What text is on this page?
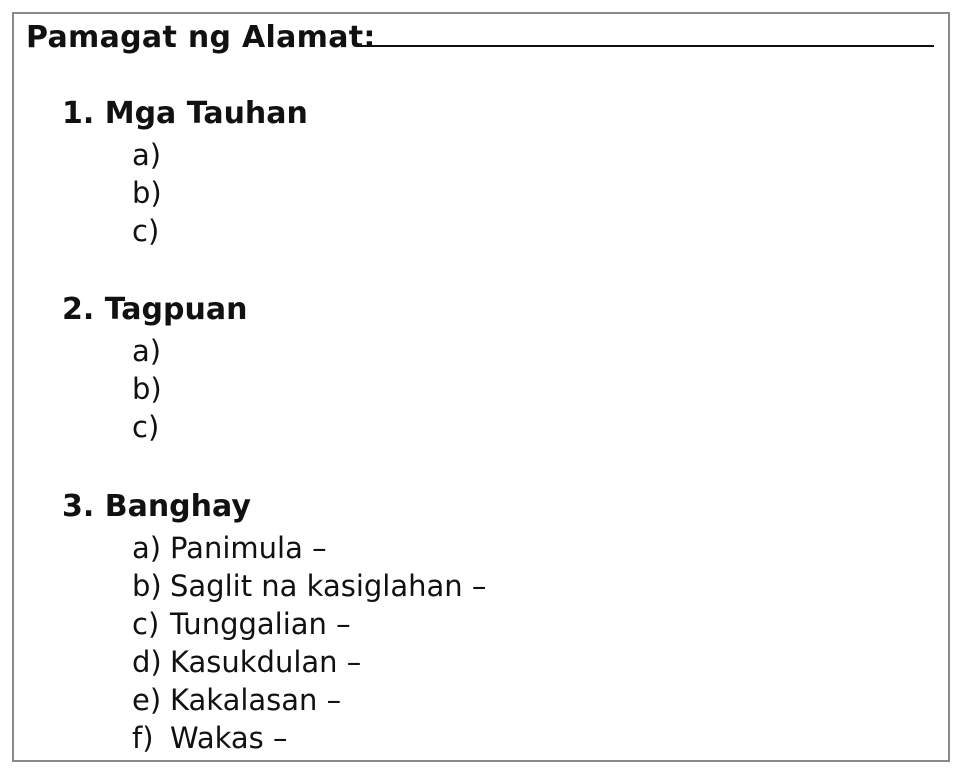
Pamagat ng Alamat:
1. Mga Tauhan
a)
b)
c)
2. Tagpuan
a)
b)
c)
3. Banghay
a) Panimula –
b) Saglit na kasiglahan –
c) Tunggalian –
d) Kasukdulan –
e) Kakalasan –
f) Wakas –
